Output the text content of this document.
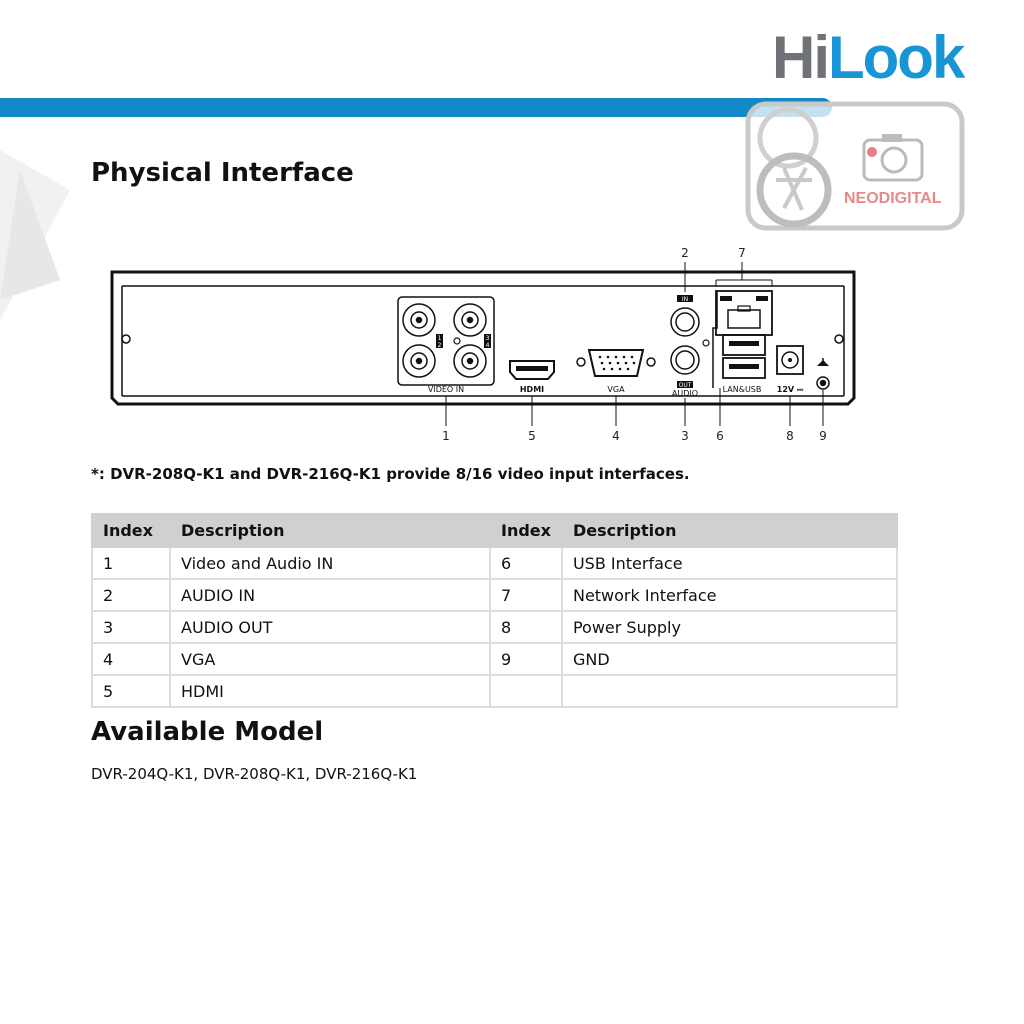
HiLook
NEODIGITAL
Physical Interface
1
2
3
4
VIDEO IN	HDMI	VGA
IN
OUT
AUDIO	LAN&USB 12V ⎓
1
2
3
4
5	6
7
8 9
*: DVR-208Q-K1 and DVR-216Q-K1 provide 8/16 video input interfaces.
Index	Description	Index	Description
1	Video and Audio IN	6	USB Interface
2	AUDIO IN	7	Network Interface
3	AUDIO OUT	8	Power Supply
4	VGA	9	GND
5	HDMI		
Available Model
DVR-204Q-K1, DVR-208Q-K1, DVR-216Q-K1
